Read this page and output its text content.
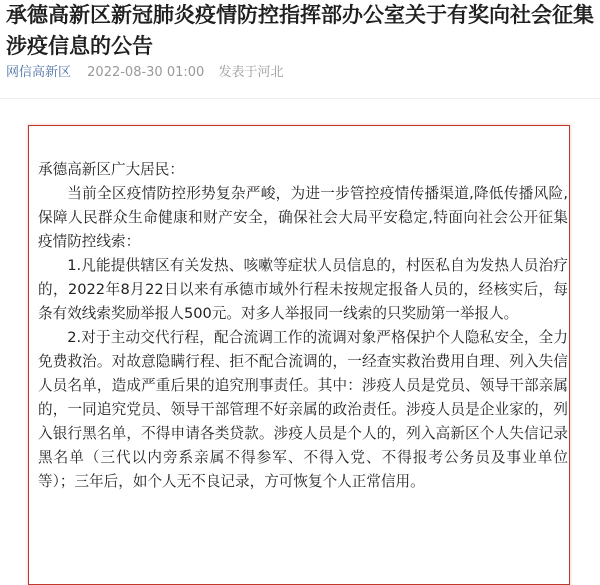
承德高新区新冠肺炎疫情防控指挥部办公室关于有奖向社会征集涉疫信息的公告
网信高新区 2022-08-30 01:00 发表于河北

承德高新区广大居民：

当前全区疫情防控形势复杂严峻，为进一步管控疫情传播渠道,降低传播风险,保障人民群众生命健康和财产安全，确保社会大局平安稳定,特面向社会公开征集疫情防控线索：

1.凡能提供辖区有关发热、咳嗽等症状人员信息的，村医私自为发热人员治疗的，2022年8月22日以来有承德市域外行程未按规定报备人员的，经核实后，每条有效线索奖励举报人500元。对多人举报同一线索的只奖励第一举报人。

2.对于主动交代行程，配合流调工作的流调对象严格保护个人隐私安全，全力免费救治。对故意隐瞒行程、拒不配合流调的，一经查实救治费用自理、列入失信人员名单，造成严重后果的追究刑事责任。其中：涉疫人员是党员、领导干部亲属的，一同追究党员、领导干部管理不好亲属的政治责任。涉疫人员是企业家的，列入银行黑名单，不得申请各类贷款。涉疫人员是个人的，列入高新区个人失信记录黑名单（三代以内旁系亲属不得参军、不得入党、不得报考公务员及事业单位等）；三年后，如个人无不良记录，方可恢复个人正常信用。
